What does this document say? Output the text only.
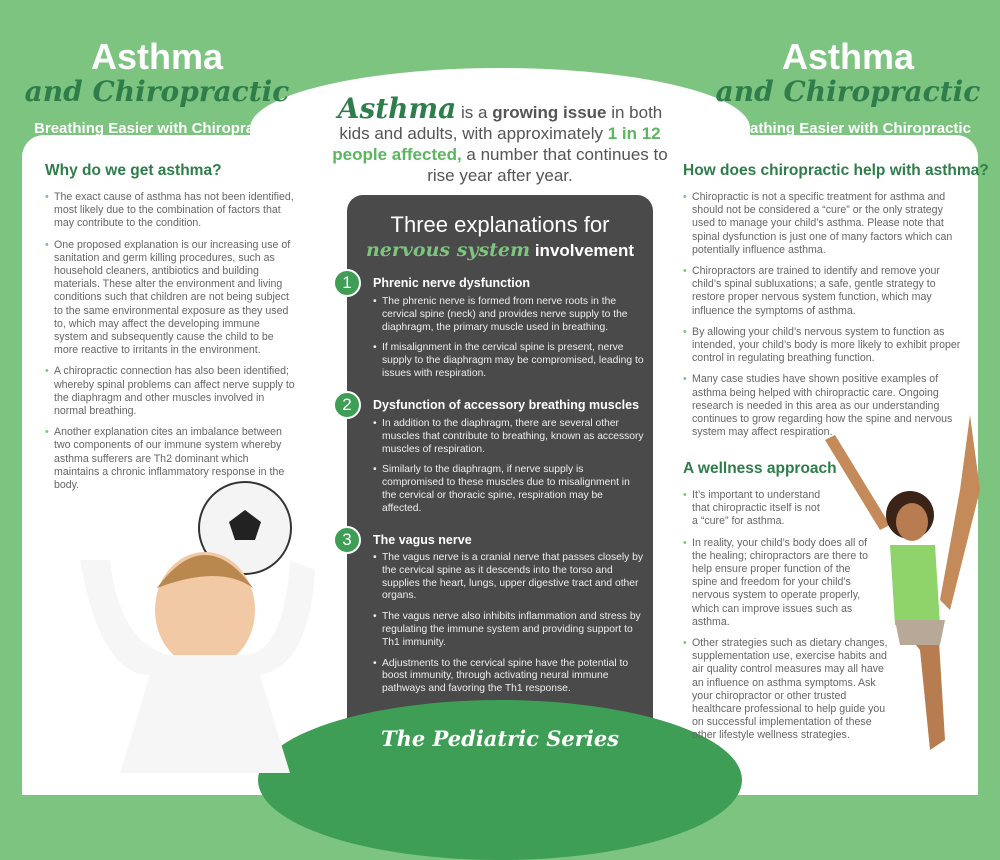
Asthma
and Chiropractic
Breathing Easier with Chiropractic
Asthma
and Chiropractic
Breathing Easier with Chiropractic
Why do we get asthma?
• The exact cause of asthma has not been identified, most likely due to the combination of factors that may contribute to the condition.
• One proposed explanation is our increasing use of sanitation and germ killing procedures, such as household cleaners, antibiotics and building materials. These alter the environment and living conditions such that children are not being subject to the same environmental exposure as they used to, which may affect the developing immune system and subsequently cause the child to be more reactive to irritants in the environment.
• A chiropractic connection has also been identified; whereby spinal problems can affect nerve supply to the diaphragm and other muscles involved in normal breathing.
• Another explanation cites an imbalance between two components of our immune system whereby asthma sufferers are Th2 dominant which maintains a chronic inflammatory response in the body.
Asthma is a growing issue in both kids and adults, with approximately 1 in 12 people affected, a number that continues to rise year after year.
Three explanations for
nervous system involvement
1	Phrenic nerve dysfunction
• The phrenic nerve is formed from nerve roots in the cervical spine (neck) and provides nerve supply to the diaphragm, the primary muscle used in breathing.
• If misalignment in the cervical spine is present, nerve supply to the diaphragm may be compromised, leading to issues with respiration.
2	Dysfunction of accessory breathing muscles
• In addition to the diaphragm, there are several other muscles that contribute to breathing, known as accessory muscles of respiration.
• Similarly to the diaphragm, if nerve supply is compromised to these muscles due to misalignment in the cervical or thoracic spine, respiration may be affected.
3	The vagus nerve
• The vagus nerve is a cranial nerve that passes closely by the cervical spine as it descends into the torso and supplies the heart, lungs, upper digestive tract and other organs.
• The vagus nerve also inhibits inflammation and stress by regulating the immune system and providing support to Th1 immunity.
• Adjustments to the cervical spine have the potential to boost immunity, through activating neural immune pathways and favoring the Th1 response.
How does chiropractic help with asthma?
• Chiropractic is not a specific treatment for asthma and should not be considered a “cure” or the only strategy used to manage your child’s asthma. Please note that spinal dysfunction is just one of many factors which can potentially influence asthma.
• Chiropractors are trained to identify and remove your child’s spinal subluxations; a safe, gentle strategy to restore proper nervous system function, which may influence the symptoms of asthma.
• By allowing your child’s nervous system to function as intended, your child’s body is more likely to exhibit proper control in regulating breathing function.
• Many case studies have shown positive examples of asthma being helped with chiropractic care. Ongoing research is needed in this area as our understanding continues to grow regarding how the spine and nervous system may affect respiration.
A wellness approach
• It’s important to understand that chiropractic itself is not a “cure” for asthma.
• In reality, your child’s body does all of the healing; chiropractors are there to help ensure proper function of the spine and freedom for your child’s nervous system to operate properly, which can improve issues such as asthma.
• Other strategies such as dietary changes, supplementation use, exercise habits and air quality control measures may all have an influence on asthma symptoms. Ask your chiropractor or other trusted healthcare professional to help guide you on successful implementation of these other lifestyle wellness strategies.
The Pediatric Series
